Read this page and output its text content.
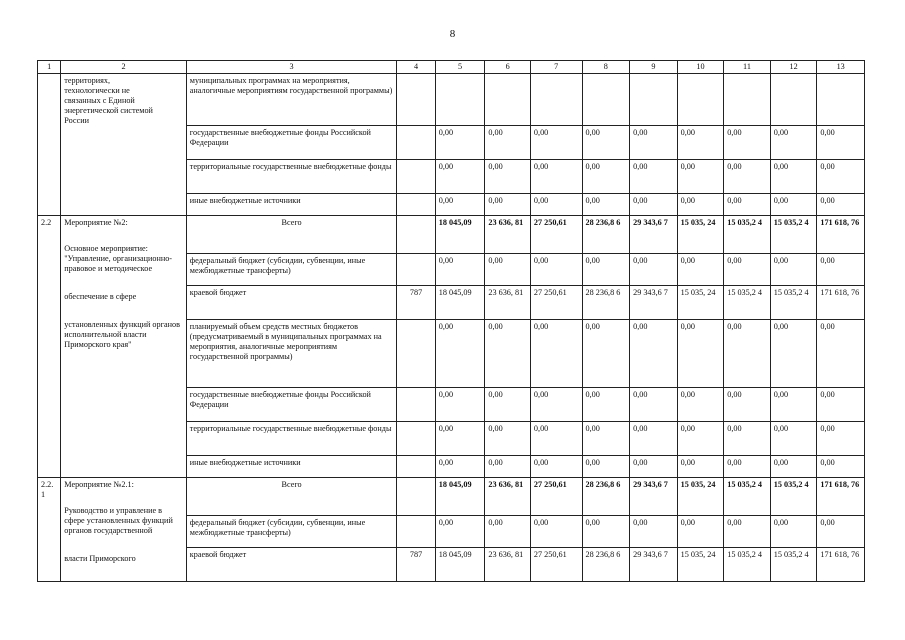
8
1	2	3	4	5	6	7	8	9	10	11	12	13

	территориях,
технологически не
связанных с Единой
энергетической системой
России	муниципальных программах на мероприятия, аналогичные мероприятиям государственной программы)										
		государственные внебюджетные фонды Российской Федерации		0,00	0,00	0,00	0,00	0,00	0,00	0,00	0,00	0,00
		территориальные государственные внебюджетные фонды		0,00	0,00	0,00	0,00	0,00	0,00	0,00	0,00	0,00
		иные внебюджетные источники		0,00	0,00	0,00	0,00	0,00	0,00	0,00	0,00	0,00
2.2	Мероприятие №2:
Основное мероприятие: "Управление, организационно-правовое и методическое
обеспечение в сфере
установленных функций органов исполнительной власти Приморского края"	Всего		18 045,09	23 636, 81	27 250,61	28 236,8 6	29 343,6 7	15 035, 24	15 035,2 4	15 035,2 4	171 618, 76
		федеральный бюджет (субсидии, субвенции, иные межбюджетные трансферты)		0,00	0,00	0,00	0,00	0,00	0,00	0,00	0,00	0,00
		краевой бюджет	787	18 045,09	23 636, 81	27 250,61	28 236,8 6	29 343,6 7	15 035, 24	15 035,2 4	15 035,2 4	171 618, 76
		планируемый объем средств местных бюджетов (предусматриваемый в муниципальных программах на мероприятия, аналогичные мероприятиям государственной программы)		0,00	0,00	0,00	0,00	0,00	0,00	0,00	0,00	0,00
		государственные внебюджетные фонды Российской Федерации		0,00	0,00	0,00	0,00	0,00	0,00	0,00	0,00	0,00
		территориальные государственные внебюджетные фонды		0,00	0,00	0,00	0,00	0,00	0,00	0,00	0,00	0,00
		иные внебюджетные источники		0,00	0,00	0,00	0,00	0,00	0,00	0,00	0,00	0,00
2.2. 1	Мероприятие №2.1:
Руководство и управление в сфере установленных функций органов государственной
власти Приморского	Всего		18 045,09	23 636, 81	27 250,61	28 236,8 6	29 343,6 7	15 035, 24	15 035,2 4	15 035,2 4	171 618, 76
		федеральный бюджет (субсидии, субвенции, иные межбюджетные трансферты)		0,00	0,00	0,00	0,00	0,00	0,00	0,00	0,00	0,00
		краевой бюджет	787	18 045,09	23 636, 81	27 250,61	28 236,8 6	29 343,6 7	15 035, 24	15 035,2 4	15 035,2 4	171 618, 76
